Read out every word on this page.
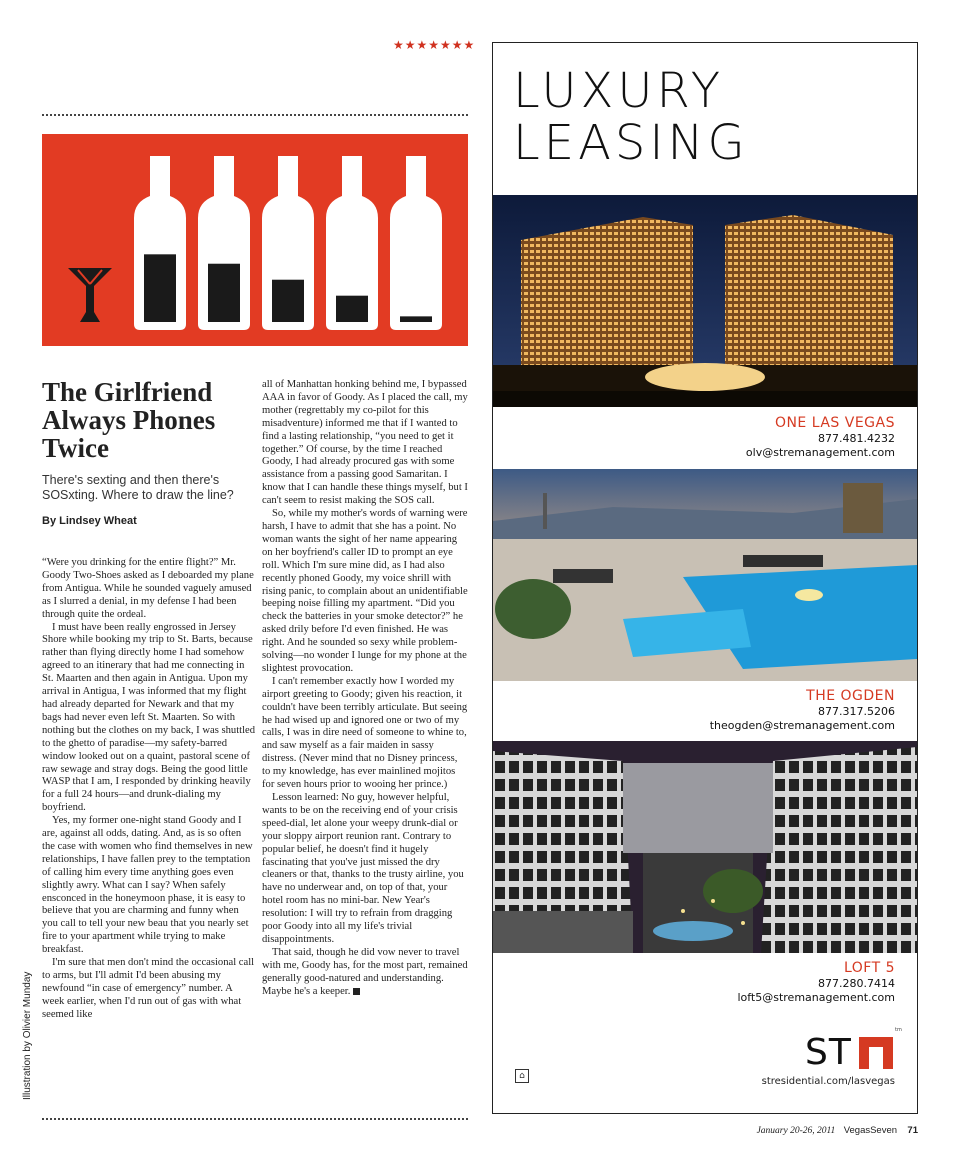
★★★★★★★
Illustration by Olivier Munday
The Girlfriend Always Phones Twice
There's sexting and then there's SOSxting. Where to draw the line?
By Lindsey Wheat

“Were you drinking for the entire flight?” Mr. Goody Two-Shoes asked as I deboarded my plane from Antigua. While he sounded vaguely amused as I slurred a denial, in my defense I had been through quite the ordeal.

I must have been really engrossed in Jersey Shore while booking my trip to St. Barts, because rather than flying directly home I had somehow agreed to an itinerary that had me connecting in St. Maarten and then again in Antigua. Upon my arrival in Antigua, I was informed that my flight had already departed for Newark and that my bags had never even left St. Maarten. So with nothing but the clothes on my back, I was shuttled to the ghetto of paradise—my safety-barred window looked out on a quaint, pastoral scene of raw sewage and stray dogs. Being the good little WASP that I am, I responded by drinking heavily for a full 24 hours—and drunk-dialing my boyfriend.

Yes, my former one-night stand Goody and I are, against all odds, dating. And, as is so often the case with women who find themselves in new relationships, I have fallen prey to the temptation of calling him every time anything goes even slightly awry. What can I say? When safely ensconced in the honeymoon phase, it is easy to believe that you are charming and funny when you call to tell your new beau that you nearly set fire to your apartment while trying to make breakfast.

I'm sure that men don't mind the occasional call to arms, but I'll admit I'd been abusing my newfound “in case of emergency” number. A week earlier, when I'd run out of gas with what seemed like

all of Manhattan honking behind me, I bypassed AAA in favor of Goody. As I placed the call, my mother (regrettably my co-pilot for this misadventure) informed me that if I wanted to find a lasting relationship, “you need to get it together.” Of course, by the time I reached Goody, I had already procured gas with some assistance from a passing good Samaritan. I know that I can handle these things myself, but I can't seem to resist making the SOS call.

So, while my mother's words of warning were harsh, I have to admit that she has a point. No woman wants the sight of her name appearing on her boyfriend's caller ID to prompt an eye roll. Which I'm sure mine did, as I had also recently phoned Goody, my voice shrill with rising panic, to complain about an unidentifiable beeping noise filling my apartment. “Did you check the batteries in your smoke detector?” he asked drily before I'd even finished. He was right. And he sounded so sexy while problem-solving—no wonder I lunge for my phone at the slightest provocation.

I can't remember exactly how I worded my airport greeting to Goody; given his reaction, it couldn't have been terribly articulate. But seeing he had wised up and ignored one or two of my calls, I was in dire need of someone to whine to, and saw myself as a fair maiden in sassy distress. (Never mind that no Disney princess, to my knowledge, has ever mainlined mojitos for seven hours prior to wooing her prince.)

Lesson learned: No guy, however helpful, wants to be on the receiving end of your crisis speed-dial, let alone your weepy drunk-dial or your sloppy airport reunion rant. Contrary to popular belief, he doesn't find it hugely fascinating that you've just missed the dry cleaners or that, thanks to the trusty airline, you have no underwear and, on top of that, your hotel room has no mini-bar. New Year's resolution: I will try to refrain from dragging poor Goody into all my life's trivial disappointments.

That said, though he did vow never to travel with me, Goody has, for the most part, remained generally good-natured and understanding. Maybe he's a keeper. 7

LUXURY
LEASING
ONE LAS VEGAS
877.481.4232
olv@stremanagement.com
THE OGDEN
877.317.5206
theogden@stremanagement.com
LOFT 5
877.280.7414
loft5@stremanagement.com
ST
tm
⌂	stresidential.com/lasvegas
January 20-26, 2011 VegasSeven 71
